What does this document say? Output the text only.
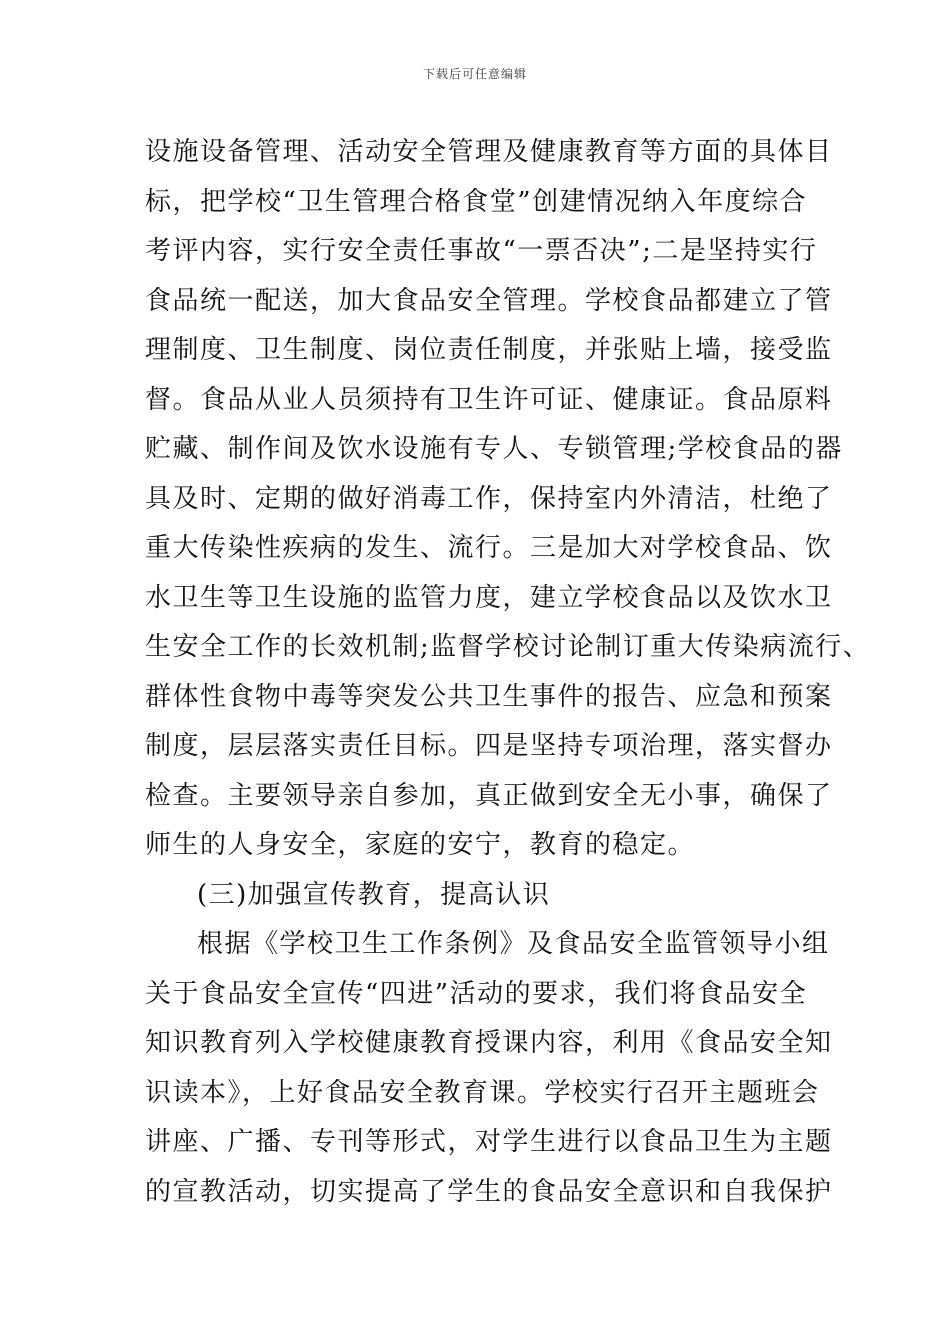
下载后可任意编辑
设施设备管理、活动安全管理及健康教育等方面的具体目
标，把学校“卫生管理合格食堂”创建情况纳入年度综合
考评内容，实行安全责任事故“一票否决”;二是坚持实行
食品统一配送，加大食品安全管理。学校食品都建立了管
理制度、卫生制度、岗位责任制度，并张贴上墙，接受监
督。食品从业人员须持有卫生许可证、健康证。食品原料
贮藏、制作间及饮水设施有专人、专锁管理;学校食品的器
具及时、定期的做好消毒工作，保持室内外清洁，杜绝了
重大传染性疾病的发生、流行。三是加大对学校食品、饮
水卫生等卫生设施的监管力度，建立学校食品以及饮水卫
生安全工作的长效机制;监督学校讨论制订重大传染病流行、
群体性食物中毒等突发公共卫生事件的报告、应急和预案
制度，层层落实责任目标。四是坚持专项治理，落实督办
检查。主要领导亲自参加，真正做到安全无小事，确保了
师生的人身安全，家庭的安宁，教育的稳定。
(三)加强宣传教育，提高认识
根据《学校卫生工作条例》及食品安全监管领导小组
关于食品安全宣传“四进”活动的要求，我们将食品安全
知识教育列入学校健康教育授课内容，利用《食品安全知
识读本》，上好食品安全教育课。学校实行召开主题班会
讲座、广播、专刊等形式，对学生进行以食品卫生为主题
的宣教活动，切实提高了学生的食品安全意识和自我保护
